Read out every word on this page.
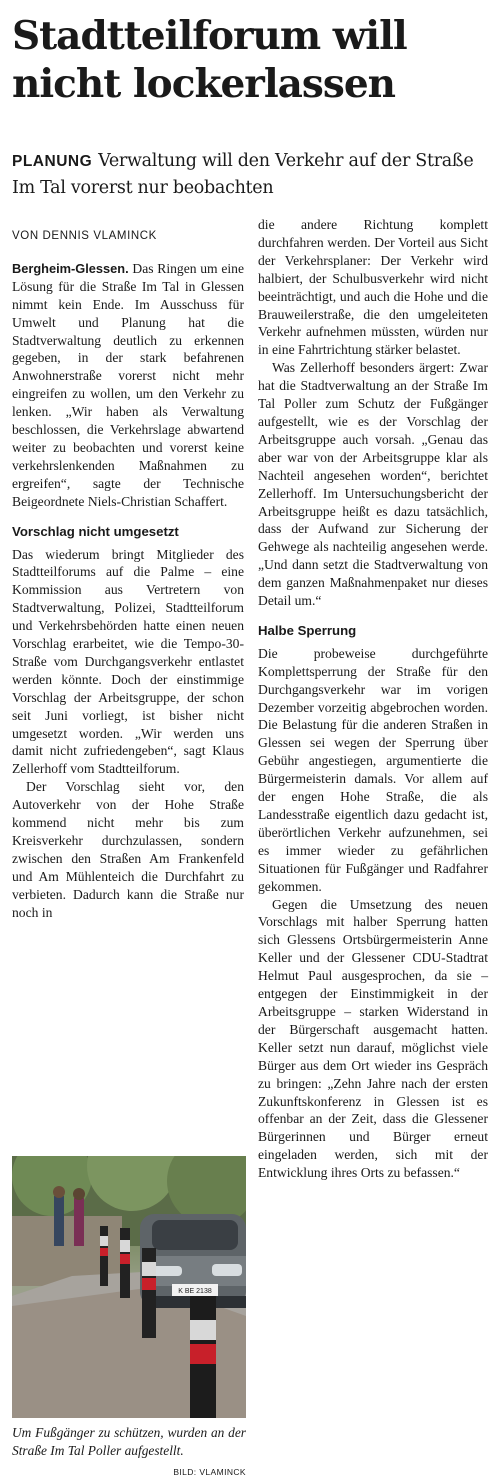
Stadtteilforum will
nicht lockerlassen

PLANUNG Verwaltung will den Verkehr auf der Straße Im Tal vorerst nur beobachten

VON DENNIS VLAMINCK

Bergheim-Glessen. Das Ringen um eine Lösung für die Straße Im Tal in Glessen nimmt kein Ende. Im Ausschuss für Umwelt und Planung hat die Stadtverwaltung deutlich zu erkennen gegeben, in der stark befahrenen Anwohnerstraße vorerst nicht mehr eingreifen zu wollen, um den Verkehr zu lenken. „Wir haben als Verwaltung beschlossen, die Verkehrslage abwartend weiter zu beobachten und vorerst keine verkehrslenkenden Maßnahmen zu ergreifen“, sagte der Technische Beigeordnete Niels-Christian Schaffert.

Vorschlag nicht umgesetzt

Das wiederum bringt Mitglieder des Stadtteilforums auf die Palme – eine Kommission aus Vertretern von Stadtverwaltung, Polizei, Stadtteilforum und Verkehrsbehörden hatte einen neuen Vorschlag erarbeitet, wie die Tempo-30-Straße vom Durchgangsverkehr entlastet werden könnte. Doch der einstimmige Vorschlag der Arbeitsgruppe, der schon seit Juni vorliegt, ist bisher nicht umgesetzt worden. „Wir werden uns damit nicht zufriedengeben“, sagt Klaus Zellerhoff vom Stadtteilforum.

Der Vorschlag sieht vor, den Autoverkehr von der Hohe Straße kommend nicht mehr bis zum Kreisverkehr durchzulassen, sondern zwischen den Straßen Am Frankenfeld und Am Mühlenteich die Durchfahrt zu verbieten. Dadurch kann die Straße nur noch in

K BE 2138

Um Fußgänger zu schützen, wurden an der Straße Im Tal Poller aufgestellt.
BILD: VLAMINCK

die andere Richtung komplett durchfahren werden. Der Vorteil aus Sicht der Verkehrsplaner: Der Verkehr wird halbiert, der Schulbusverkehr wird nicht beeinträchtigt, und auch die Hohe und die Brauweilerstraße, die den umgeleiteten Verkehr aufnehmen müssten, würden nur in eine Fahrtrichtung stärker belastet.

Was Zellerhoff besonders ärgert: Zwar hat die Stadtverwaltung an der Straße Im Tal Poller zum Schutz der Fußgänger aufgestellt, wie es der Vorschlag der Arbeitsgruppe auch vorsah. „Genau das aber war von der Arbeitsgruppe klar als Nachteil angesehen worden“, berichtet Zellerhoff. Im Untersuchungsbericht der Arbeitsgruppe heißt es dazu tatsächlich, dass der Aufwand zur Sicherung der Gehwege als nachteilig angesehen werde. „Und dann setzt die Stadtverwaltung von dem ganzen Maßnahmenpaket nur dieses Detail um.“

Halbe Sperrung

Die probeweise durchgeführte Komplettsperrung der Straße für den Durchgangsverkehr war im vorigen Dezember vorzeitig abgebrochen worden. Die Belastung für die anderen Straßen in Glessen sei wegen der Sperrung über Gebühr angestiegen, argumentierte die Bürgermeisterin damals. Vor allem auf der engen Hohe Straße, die als Landesstraße eigentlich dazu gedacht ist, überörtlichen Verkehr aufzunehmen, sei es immer wieder zu gefährlichen Situationen für Fußgänger und Radfahrer gekommen.

Gegen die Umsetzung des neuen Vorschlags mit halber Sperrung hatten sich Glessens Ortsbürgermeisterin Anne Keller und der Glessener CDU-Stadtrat Helmut Paul ausgesprochen, da sie – entgegen der Einstimmigkeit in der Arbeitsgruppe – starken Widerstand in der Bürgerschaft ausgemacht hatten. Keller setzt nun darauf, möglichst viele Bürger aus dem Ort wieder ins Gespräch zu bringen: „Zehn Jahre nach der ersten Zukunftskonferenz in Glessen ist es offenbar an der Zeit, dass die Glessener Bürgerinnen und Bürger erneut eingeladen werden, sich mit der Entwicklung ihres Orts zu befassen.“
